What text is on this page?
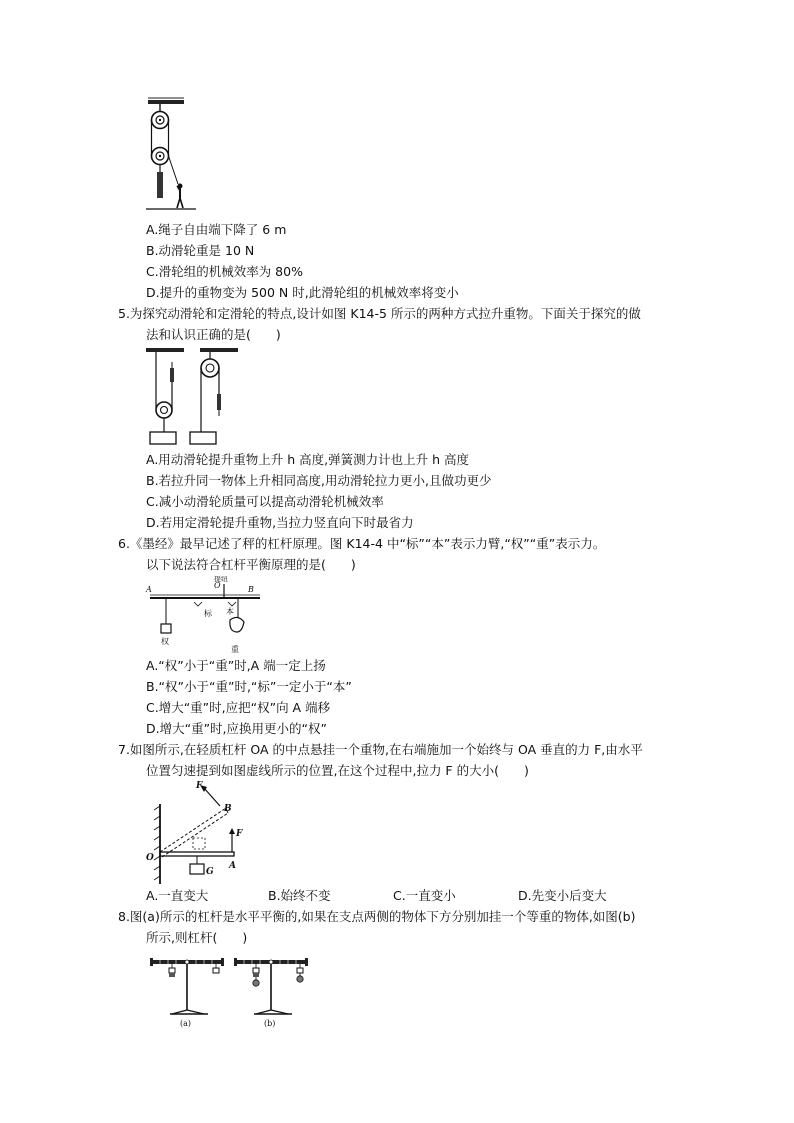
A.绳子自由端下降了 6 m
B.动滑轮重是 10 N
C.滑轮组的机械效率为 80%
D.提升的重物变为 500 N 时,此滑轮组的机械效率将变小
5.为探究动滑轮和定滑轮的特点,设计如图 K14-5 所示的两种方式拉升重物。下面关于探究的做
法和认识正确的是(　　)
A.用动滑轮提升重物上升 h 高度,弹簧测力计也上升 h 高度
B.若拉升同一物体上升相同高度,用动滑轮拉力更小,且做功更少
C.减小动滑轮质量可以提高动滑轮机械效率
D.若用定滑轮提升重物,当拉力竖直向下时最省力
6.《墨经》最早记述了秤的杠杆原理。图 K14-4 中“标”“本”表示力臂,“权”“重”表示力。
以下说法符合杠杆平衡原理的是(　　)
A	O	B
提纽
标 本
权
重
A.“权”小于“重”时,A 端一定上扬
B.“权”小于“重”时,“标”一定小于“本”
C.增大“重”时,应把“权”向 A 端移
D.增大“重”时,应换用更小的“权”
7.如图所示,在轻质杠杆 OA 的中点悬挂一个重物,在右端施加一个始终与 OA 垂直的力 F,由水平
位置匀速提到如图虚线所示的位置,在这个过程中,拉力 F 的大小(　　)
F
B
F
O
A
G
A.一直变大	B.始终不变	C.一直变小	D.先变小后变大
8.图(a)所示的杠杆是水平平衡的,如果在支点两侧的物体下方分别加挂一个等重的物体,如图(b)
所示,则杠杆(　　)
(a)	(b)
